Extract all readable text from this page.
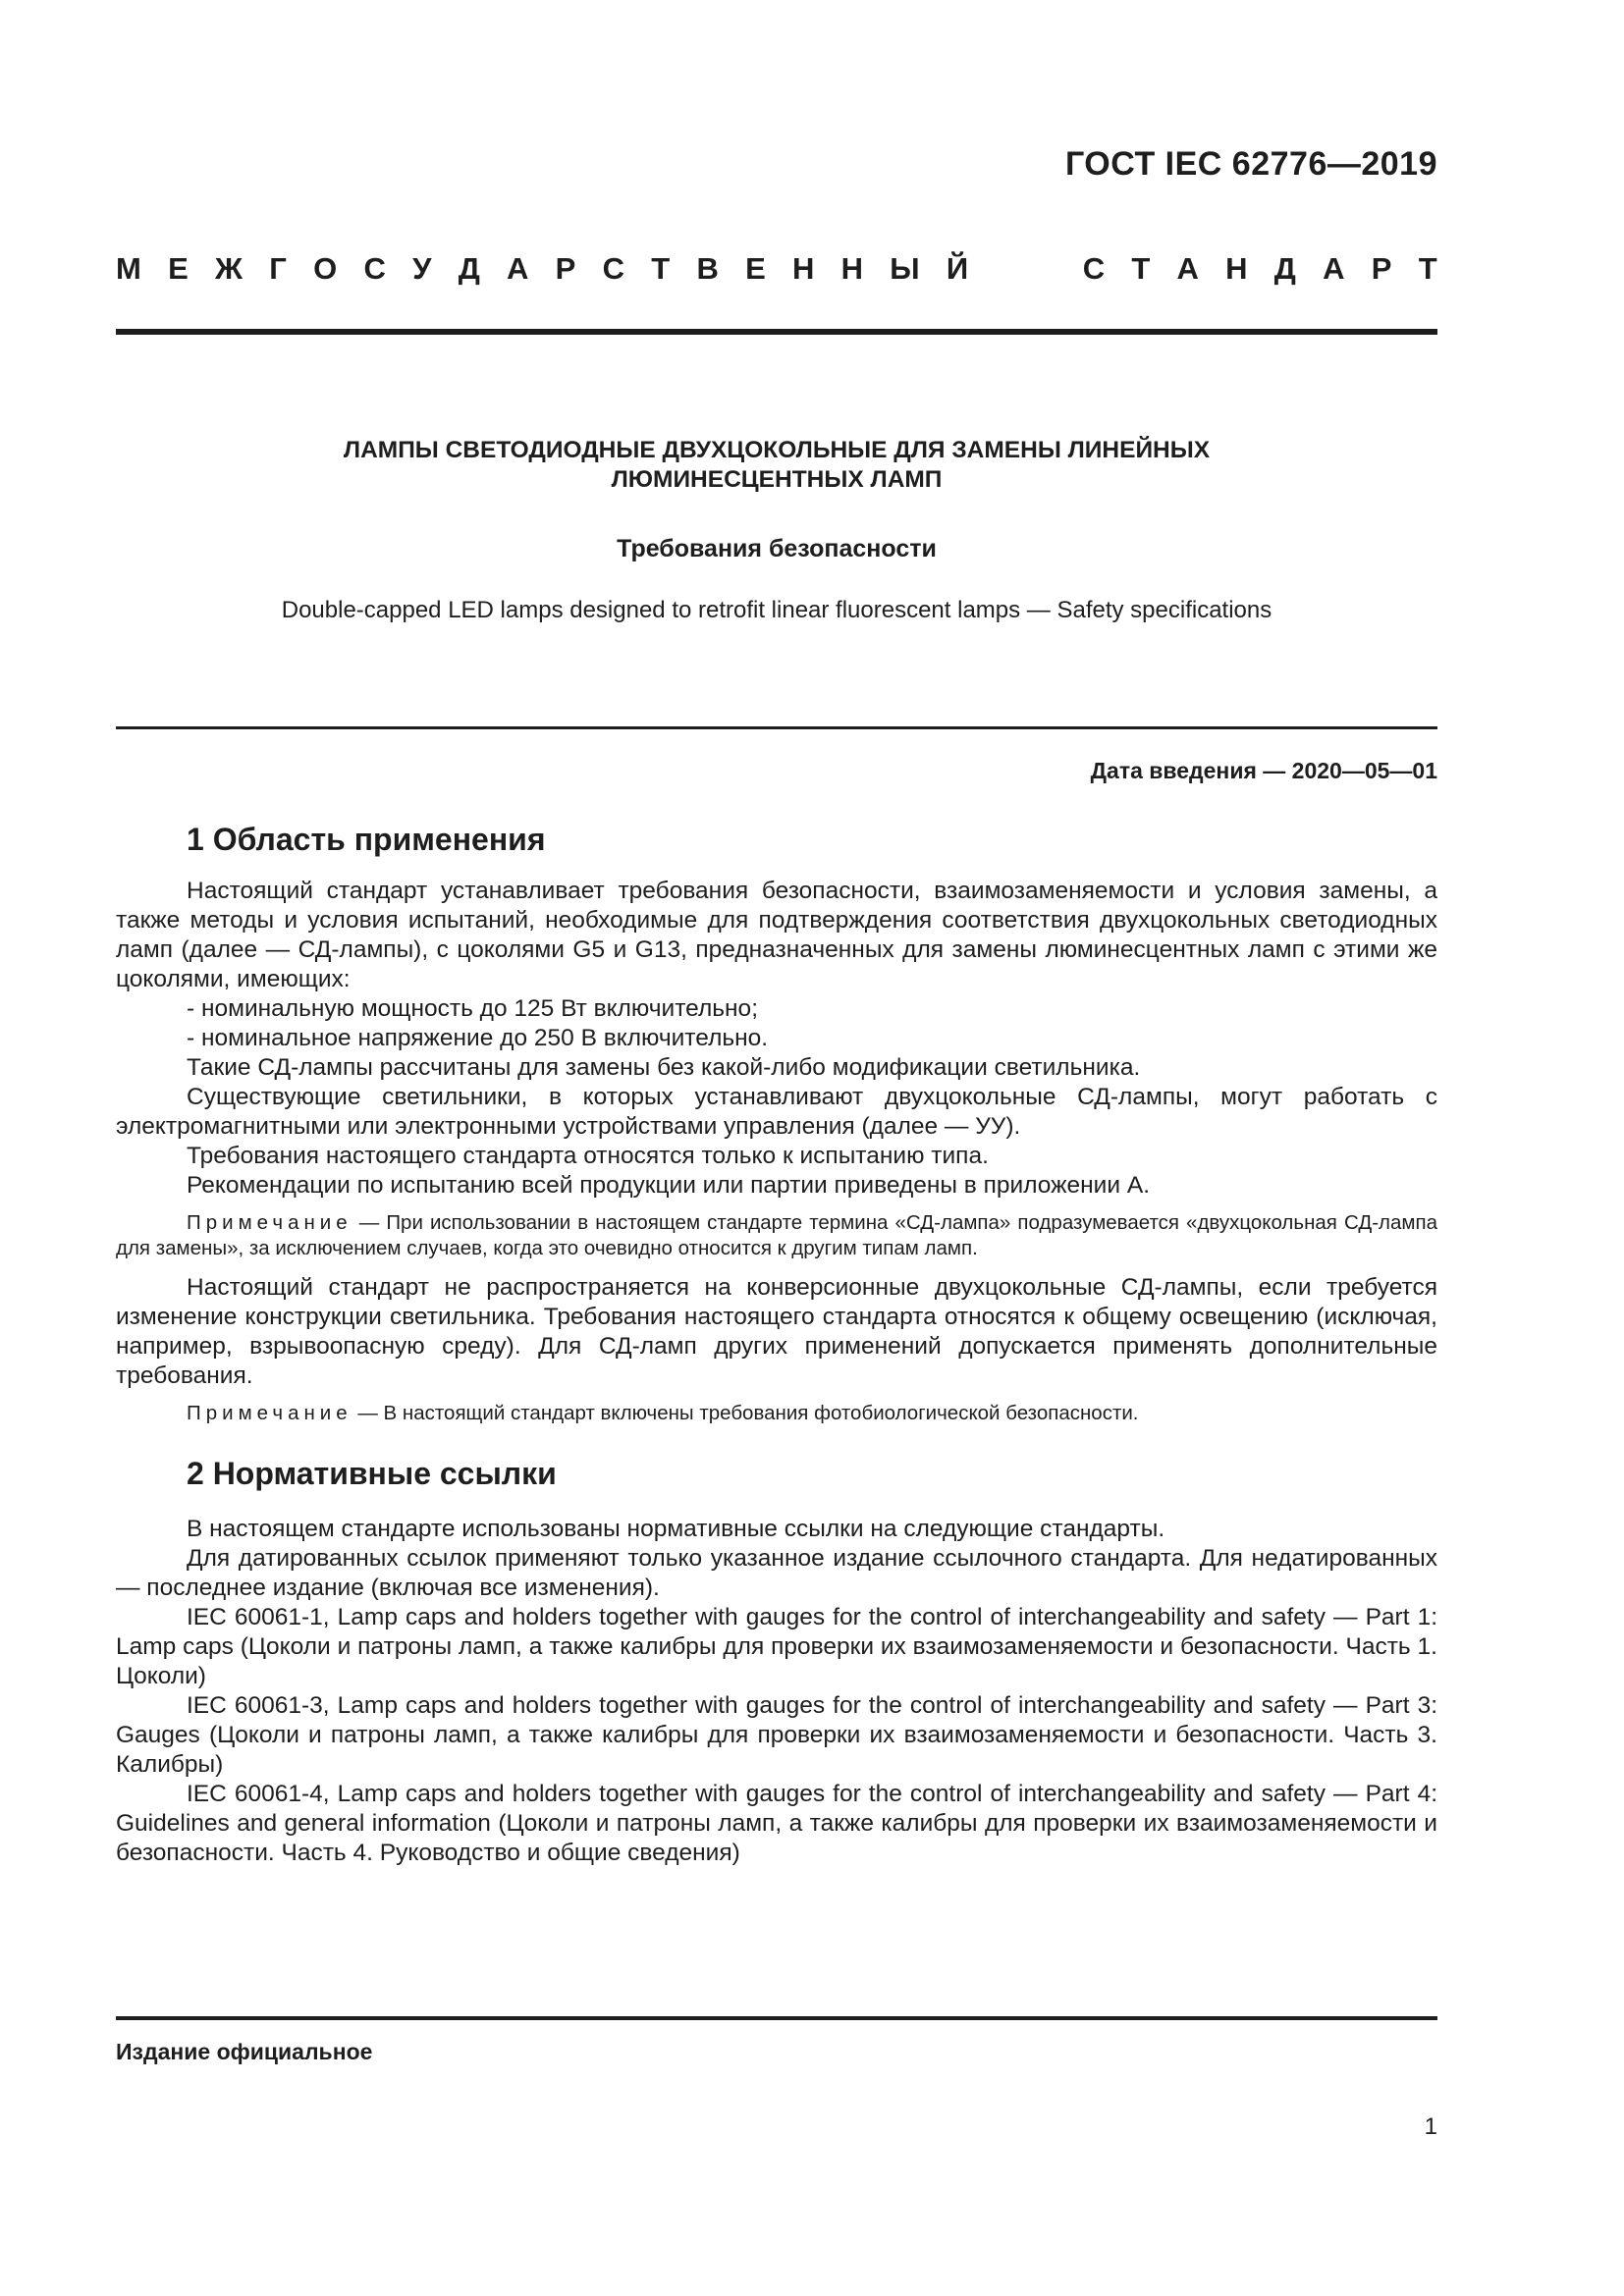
ГОСТ IEC 62776—2019
М Е Ж Г О С У Д А Р С Т В Е Н Н Ы Й	С Т А Н Д А Р Т
ЛАМПЫ СВЕТОДИОДНЫЕ ДВУХЦОКОЛЬНЫЕ ДЛЯ ЗАМЕНЫ ЛИНЕЙНЫХ
ЛЮМИНЕСЦЕНТНЫХ ЛАМП
Требования безопасности
Double-capped LED lamps designed to retrofit linear fluorescent lamps — Safety specifications
Дата введения — 2020—05—01
1 Область применения

Настоящий стандарт устанавливает требования безопасности, взаимозаменяемости и условия замены, а также методы и условия испытаний, необходимые для подтверждения соответствия двухцокольных светодиодных ламп (далее — СД-лампы), с цоколями G5 и G13, предназначенных для замены люминесцентных ламп с этими же цоколями, имеющих:

- номинальную мощность до 125 Вт включительно;

- номинальное напряжение до 250 В включительно.

Такие СД-лампы рассчитаны для замены без какой-либо модификации светильника.

Существующие светильники, в которых устанавливают двухцокольные СД-лампы, могут работать с электромагнитными или электронными устройствами управления (далее — УУ).

Требования настоящего стандарта относятся только к испытанию типа.

Рекомендации по испытанию всей продукции или партии приведены в приложении А.

Примечание — При использовании в настоящем стандарте термина «СД-лампа» подразумевается «двухцокольная СД-лампа для замены», за исключением случаев, когда это очевидно относится к другим типам ламп.

Настоящий стандарт не распространяется на конверсионные двухцокольные СД-лампы, если требуется изменение конструкции светильника. Требования настоящего стандарта относятся к общему освещению (исключая, например, взрывоопасную среду). Для СД-ламп других применений допускается применять дополнительные требования.

Примечание — В настоящий стандарт включены требования фотобиологической безопасности.

2 Нормативные ссылки

В настоящем стандарте использованы нормативные ссылки на следующие стандарты.

Для датированных ссылок применяют только указанное издание ссылочного стандарта. Для недатированных — последнее издание (включая все изменения).

IEC 60061-1, Lamp caps and holders together with gauges for the control of interchangeability and safety — Part 1: Lamp caps (Цоколи и патроны ламп, а также калибры для проверки их взаимозаменяемости и безопасности. Часть 1. Цоколи)

IEC 60061-3, Lamp caps and holders together with gauges for the control of interchangeability and safety — Part 3: Gauges (Цоколи и патроны ламп, а также калибры для проверки их взаимозаменяемости и безопасности. Часть 3. Калибры)

IEC 60061-4, Lamp caps and holders together with gauges for the control of interchangeability and safety — Part 4: Guidelines and general information (Цоколи и патроны ламп, а также калибры для проверки их взаимозаменяемости и безопасности. Часть 4. Руководство и общие сведения)

Издание официальное
1
